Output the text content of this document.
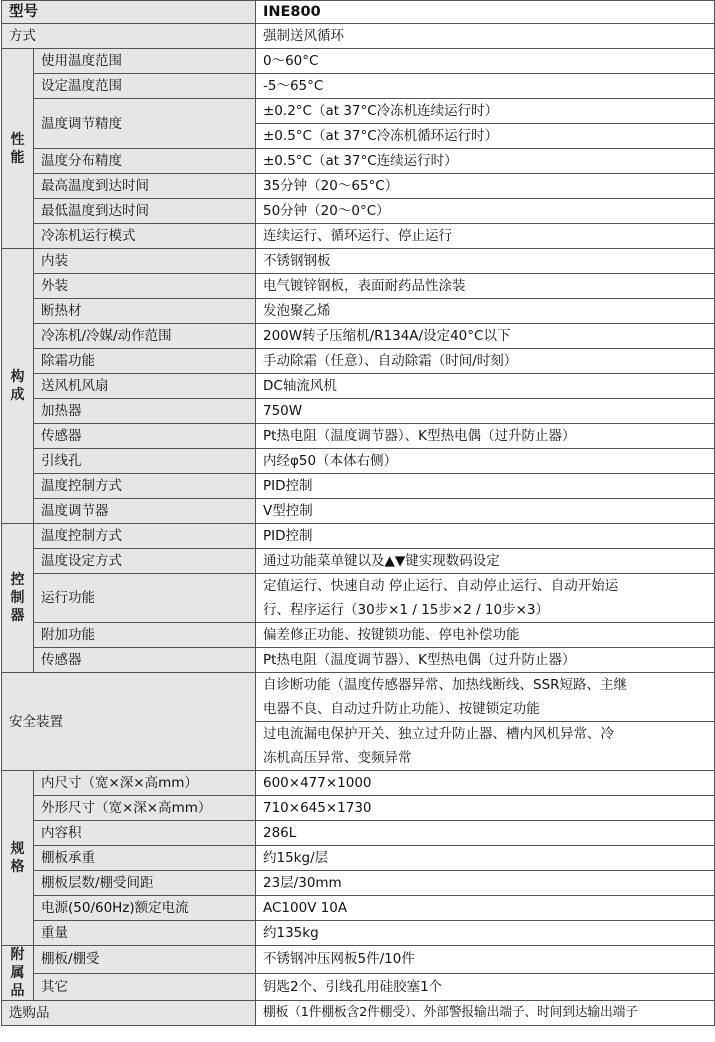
型号		INE800
方式		强制送风循环
性能	使用温度范围	0～60°C
	设定温度范围	-5～65°C
	温度调节精度	±0.2°C（at 37°C冷冻机连续运行时）
		±0.5°C（at 37°C冷冻机循环运行时）
	温度分布精度	±0.5°C（at 37°C连续运行时）
	最高温度到达时间	35分钟（20～65°C）
	最低温度到达时间	50分钟（20～0°C）
	冷冻机运行模式	连续运行、循环运行、停止运行
构成	内装	不锈钢钢板
	外装	电气镀锌钢板，表面耐药品性涂装
	断热材	发泡聚乙烯
	冷冻机/冷媒/动作范围	200W转子压缩机/R134A/设定40°C以下
	除霜功能	手动除霜（任意）、自动除霜（时间/时刻）
	送风机风扇	DC轴流风机
	加热器	750W
	传感器	Pt热电阻（温度调节器）、K型热电偶（过升防止器）
	引线孔	内经φ50（本体右侧）
	温度控制方式	PID控制
	温度调节器	V型控制
控制器	温度控制方式	PID控制
	温度设定方式	通过功能菜单键以及▲▼键实现数码设定
	运行功能	定值运行、快速自动 停止运行、自动停止运行、自动开始运
		行、程序运行（30步×1 / 15步×2 / 10步×3）
	附加功能	偏差修正功能、按键锁功能、停电补偿功能
	传感器	Pt热电阻（温度调节器）、K型热电偶（过升防止器）
安全装置		自诊断功能（温度传感器异常、加热线断线、SSR短路、主继
		电器不良、自动过升防止功能）、按键锁定功能
		过电流漏电保护开关、独立过升防止器、槽内风机异常、冷
		冻机高压异常、变频异常
规格	内尺寸（宽×深×高mm）	600×477×1000
	外形尺寸（宽×深×高mm）	710×645×1730
	内容积	286L
	棚板承重	约15kg/层
	棚板层数/棚受间距	23层/30mm
	电源(50/60Hz)额定电流	AC100V 10A
	重量	约135kg
附属品	棚板/棚受	不锈钢冲压网板5件/10件
	其它	钥匙2个、引线孔用硅胶塞1个
选购品		棚板（1件棚板含2件棚受）、外部警报输出端子、时间到达输出端子
